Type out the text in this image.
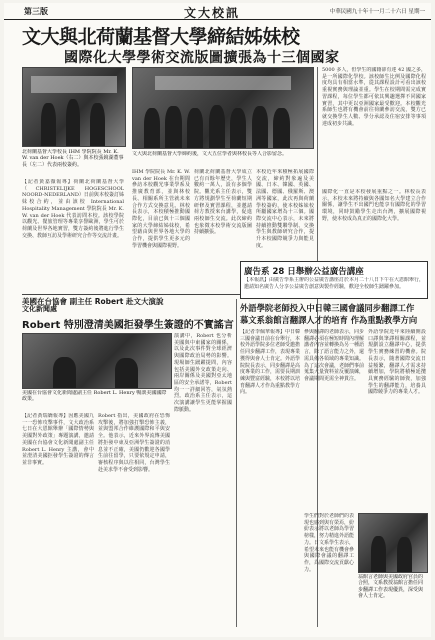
第三版	文大校訊	中華民國九十年十一月二十六日 星期一
文大與北荷蘭基督大學締結姊妹校
國際化大學學術交流版圖擴張為十三個國家
北荷蘭基督大學校長 IHM 學院院長 Mr. K. W. van der Hoek（右二）與本校張鏡湖董事長（左二）代表兩校簽約。
文大與北荷蘭基督大學締約後，文大五位學者與林校長等人合影留念。
【記者黃嘉薇報導】荷蘭北荷蘭基督大學（CHRISTELIJKE HOGESCHOOL NOORD-NEDERLAND）日前與本校簽訂姊妹校合約，並由該校 International Hospitality Management 學院院長 Mr. K. W. van der Hoek 代表訪問本校。該校學院以觀光、餐旅管理等專業享譽歐洲，學生可於荷蘭及世界各地實習，雙方簽約後將進行學生交換、教師互訪及學術研究合作等交流計畫。
IHM 學院院長 Mr. K. W. van der Hoek 在台期間參訪本校觀光事業學系及推廣教育部，並與林校長、相關系所主管就未來合作方式交換意見。林校長表示，本校積極推動國際化，目前已與十三個國家的大學締結姊妹校，希望藉由與世界各地大學的合作，提供學生更多元的學習機會與國際視野。
荷蘭北荷蘭基督大學成立已有百餘年歷史，學生人數約一萬人，設有多個學院。觀光系主任表示，雙方將規劃學生至荷蘭短期研修及實習課程，並邀請荷方教授來台講學，促進兩校師生交流。此次締約也象徵本校學術交流版圖持續擴張。
本校近年來積極拓展國際交流，締約對象遍及美國、日本、韓國、英國、法國、德國、俄羅斯、澳洲等國家，此次再與荷蘭學校簽約，使本校姊妹校所屬國家增為十三個。國際交流中心表示，未來將持續推動雙聯學制、交換學生與教師研究合作，提升本校國際競爭力與能見度。
文化新聞處
美國在台協會 副主任 Robert 赴文大演說
Robert 特別澄清美國拒發學生簽證的不實謠言
美國在台協會文化新聞處副主任 Robert L. Henry 暢談美國國際政策。
【記者黃瑞嬌報導】因應美國九一一恐怖攻擊事件，文大政治系七日在大恩館舉辦「國際情勢與美國對外政策」專題演講，邀請美國在台協會文化新聞處副主任 Robert L. Henry 主講，會中並澄清美國拒發學生簽證的傳言並非事實。
Robert 指出，美國政府在恐怖攻擊後，將加強打擊恐怖主義，並與盟邦合作維護國際和平與安全。他表示，近來外界流傳美國將拒發中東及亞洲學生簽證的消息並不正確，美國仍歡迎各國學生前往留學，只要依規定申請，審核程序與以往相同，台灣學生赴美求學不會受到影響。
演講中，Robert 也分析美國與中東國家的關係，以及此次事件對全球經濟與國際政治局勢的影響。現場師生踴躍提問，內容包括美國外交政策走向、兩岸關係及美國對亞太地區的安全承諾等，Robert 均一一詳細回答，氣氛熱烈。政治系主任表示，這次演講讓學生更能掌握國際脈動。
廣告系 28 日舉辦公益廣告講座
【本報訊】由廣告學系主辦的公益廣告講座訂於本月二十八日下午在大恩館舉行，邀請知名廣告人分享公益廣告創意與製作經驗，歡迎全校師生踴躍參加。
外語學院老師投入中日韓三國會議同步翻譯工作
慕文系翁館言翻譯人才的培育 作為重點教學方向
【記者李佩華報導】中日韓三國會議日前在台舉行，本校外語學院多位老師受邀擔任同步翻譯工作，表現專業獲得與會人士肯定。外語學院院長表示，同步翻譯是高度專業的工作，需要長期訓練與豐富經驗，本校將以培育翻譯人才作為重點教學方向。
參與翻譯的老師表示，同步翻譯必須在極短時間內理解講者內容並轉換為另一種語言，除了語言能力之外，還需具備各領域的專業知識。為了這次會議，老師們事前蒐集大量資料並反覆演練，會議期間更需全神貫注。
外語學院近年來陸續開設口譯與筆譯相關課程，並規劃設立翻譯中心，提供學生實務練習的機會。院長表示，隨著國際交流日益頻繁，翻譯人才需求持續增加，學院將積極延攬具實務經驗的師資，加強學生的翻譯能力，培養具國際競爭力的專業人才。
學生們對於老師們的表現也感到與有榮焉，紛紛表示將以老師為學習榜樣，努力精進外語能力。日文系學生表示，希望未來也能有機會參與國際會議的翻譯工作，為國際交流貢獻心力。
5000 多人，但學生的國籍卻有達 42 國之多，是一所國際化學校。該校師生比例及國際化程度均具有相當水準，從其課程設計可看出該校重視實務與理論並重。學生在校期間需完成實習課程，每位學生都可依其興趣選擇不同國家實習，其中更以亞洲國家最受歡迎。本校觀光系師生也將有機會前往荷蘭參訪交流，雙方已就交換學生人數、學分承認及住宿安排等事項達成初步共識。
國際化一直是本校發展重點之一。林校長表示，本校未來將持續與各國知名大學建立合作關係，讓學生不出國門也能享有國際化的學習環境，同時鼓勵學生走出台灣，擴展國際視野，使本校成為真正的國際化大學。
翁館言老師與美國政府官員的合照，文系教授翁館言擔任同步翻譯工作表現優異，深受與會人士肯定。
